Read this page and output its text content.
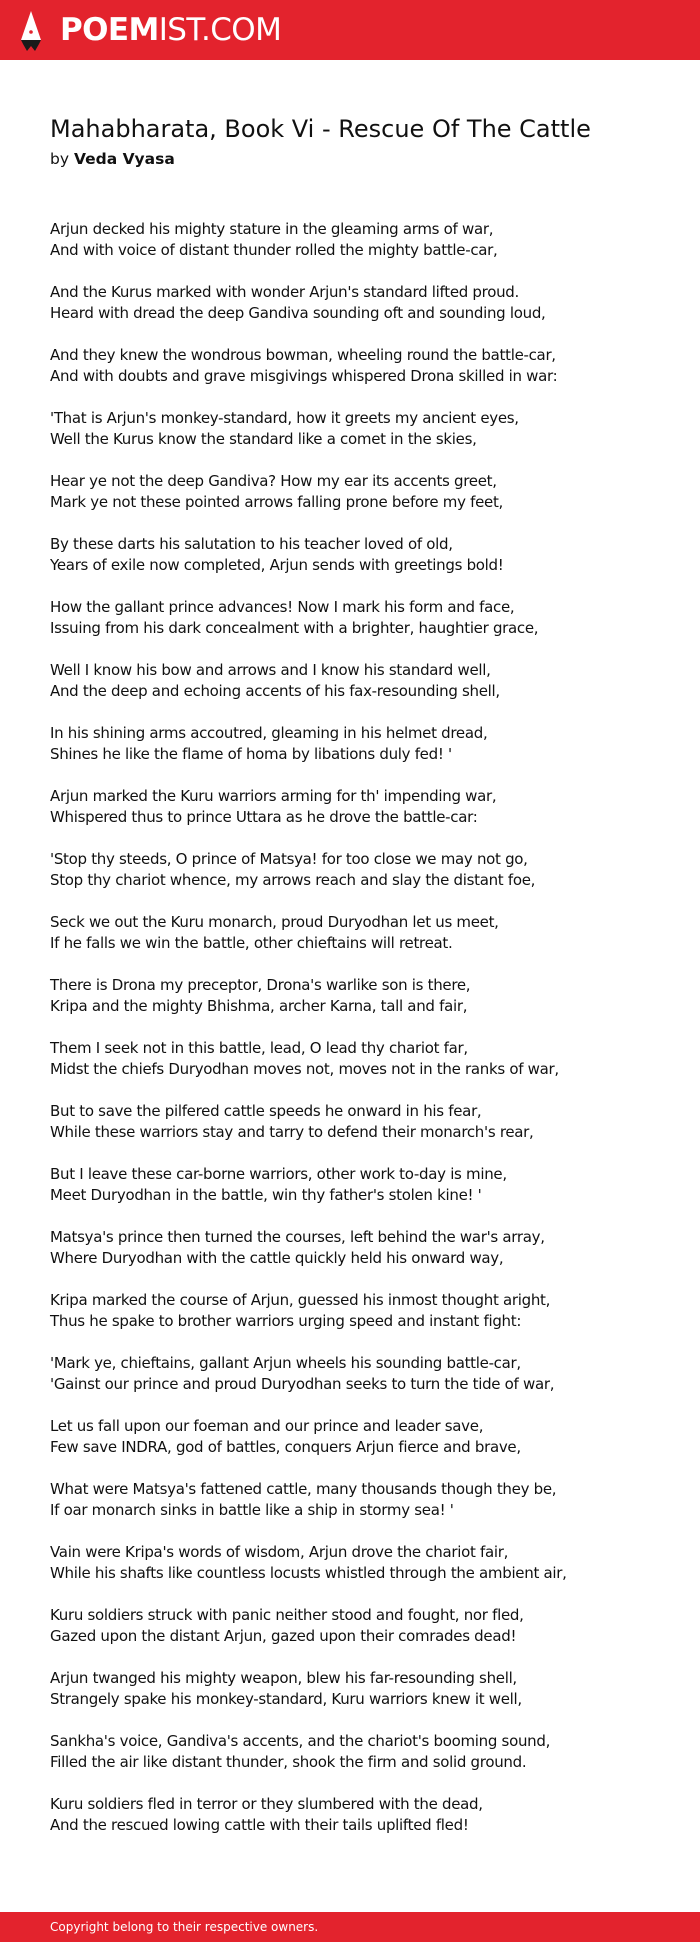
POEMIST.COM
Mahabharata, Book Vi - Rescue Of The Cattle
by Veda Vyasa

Arjun decked his mighty stature in the gleaming arms of war,
And with voice of distant thunder rolled the mighty battle-car,

And the Kurus marked with wonder Arjun's standard lifted proud.
Heard with dread the deep Gandiva sounding oft and sounding loud,

And they knew the wondrous bowman, wheeling round the battle-car,
And with doubts and grave misgivings whispered Drona skilled in war:

'That is Arjun's monkey-standard, how it greets my ancient eyes,
Well the Kurus know the standard like a comet in the skies,

Hear ye not the deep Gandiva? How my ear its accents greet,
Mark ye not these pointed arrows falling prone before my feet,

By these darts his salutation to his teacher loved of old,
Years of exile now completed, Arjun sends with greetings bold!

How the gallant prince advances! Now I mark his form and face,
Issuing from his dark concealment with a brighter, haughtier grace,

Well I know his bow and arrows and I know his standard well,
And the deep and echoing accents of his fax-resounding shell,

In his shining arms accoutred, gleaming in his helmet dread,
Shines he like the flame of homa by libations duly fed! '

Arjun marked the Kuru warriors arming for th' impending war,
Whispered thus to prince Uttara as he drove the battle-car:

'Stop thy steeds, O prince of Matsya! for too close we may not go,
Stop thy chariot whence, my arrows reach and slay the distant foe,

Seck we out the Kuru monarch, proud Duryodhan let us meet,
If he falls we win the battle, other chieftains will retreat.

There is Drona my preceptor, Drona's warlike son is there,
Kripa and the mighty Bhishma, archer Karna, tall and fair,

Them I seek not in this battle, lead, O lead thy chariot far,
Midst the chiefs Duryodhan moves not, moves not in the ranks of war,

But to save the pilfered cattle speeds he onward in his fear,
While these warriors stay and tarry to defend their monarch's rear,

But I leave these car-borne warriors, other work to-day is mine,
Meet Duryodhan in the battle, win thy father's stolen kine! '

Matsya's prince then turned the courses, left behind the war's array,
Where Duryodhan with the cattle quickly held his onward way,

Kripa marked the course of Arjun, guessed his inmost thought aright,
Thus he spake to brother warriors urging speed and instant fight:

'Mark ye, chieftains, gallant Arjun wheels his sounding battle-car,
'Gainst our prince and proud Duryodhan seeks to turn the tide of war,

Let us fall upon our foeman and our prince and leader save,
Few save INDRA, god of battles, conquers Arjun fierce and brave,

What were Matsya's fattened cattle, many thousands though they be,
If oar monarch sinks in battle like a ship in stormy sea! '

Vain were Kripa's words of wisdom, Arjun drove the chariot fair,
While his shafts like countless locusts whistled through the ambient air,

Kuru soldiers struck with panic neither stood and fought, nor fled,
Gazed upon the distant Arjun, gazed upon their comrades dead!

Arjun twanged his mighty weapon, blew his far-resounding shell,
Strangely spake his monkey-standard, Kuru warriors knew it well,

Sankha's voice, Gandiva's accents, and the chariot's booming sound,
Filled the air like distant thunder, shook the firm and solid ground.

Kuru soldiers fled in terror or they slumbered with the dead,
And the rescued lowing cattle with their tails uplifted fled!

Copyright belong to their respective owners.
